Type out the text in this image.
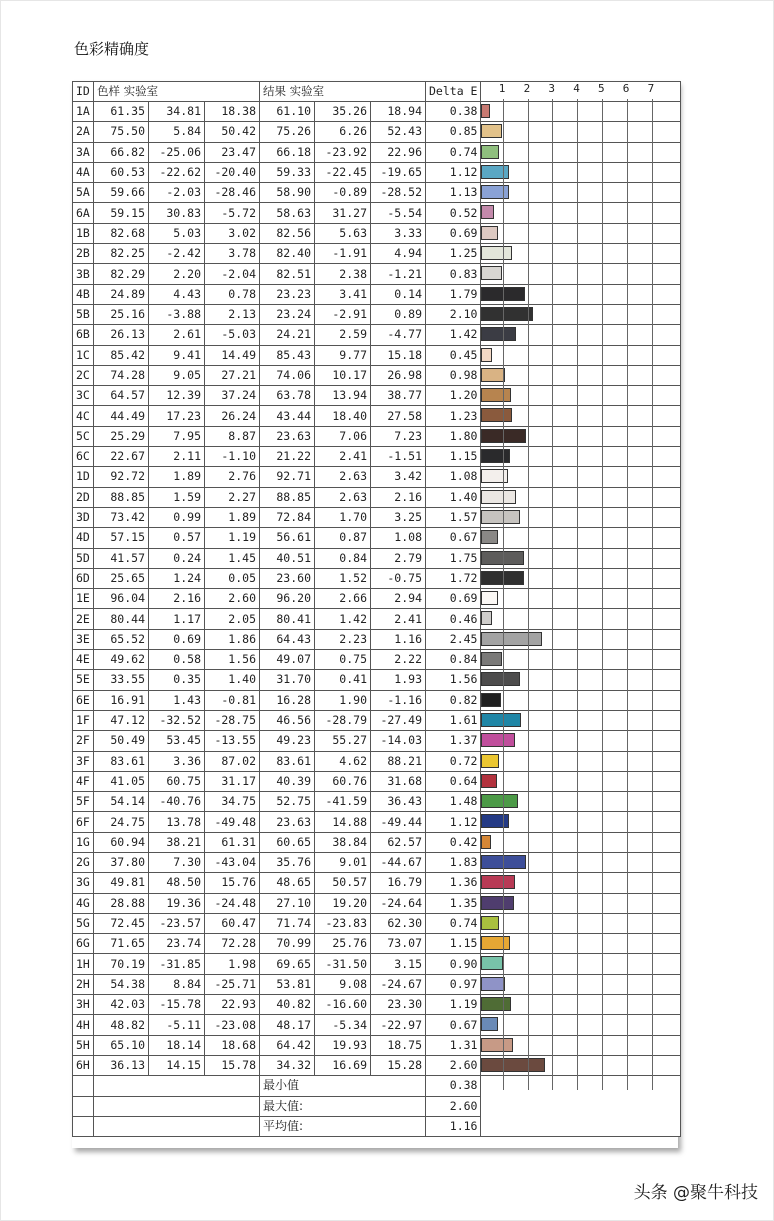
色彩精确度
ID	色样 实验室			结果 实验室			Delta E	
1A	61.35	34.81	18.38	61.10	35.26	18.94	0.38	

2A	75.50	5.84	50.42	75.26	6.26	52.43	0.85	

3A	66.82	-25.06	23.47	66.18	-23.92	22.96	0.74	

4A	60.53	-22.62	-20.40	59.33	-22.45	-19.65	1.12	

5A	59.66	-2.03	-28.46	58.90	-0.89	-28.52	1.13	

6A	59.15	30.83	-5.72	58.63	31.27	-5.54	0.52	

1B	82.68	5.03	3.02	82.56	5.63	3.33	0.69	

2B	82.25	-2.42	3.78	82.40	-1.91	4.94	1.25	

3B	82.29	2.20	-2.04	82.51	2.38	-1.21	0.83	

4B	24.89	4.43	0.78	23.23	3.41	0.14	1.79	

5B	25.16	-3.88	2.13	23.24	-2.91	0.89	2.10	

6B	26.13	2.61	-5.03	24.21	2.59	-4.77	1.42	

1C	85.42	9.41	14.49	85.43	9.77	15.18	0.45	

2C	74.28	9.05	27.21	74.06	10.17	26.98	0.98	

3C	64.57	12.39	37.24	63.78	13.94	38.77	1.20	

4C	44.49	17.23	26.24	43.44	18.40	27.58	1.23	

5C	25.29	7.95	8.87	23.63	7.06	7.23	1.80	

6C	22.67	2.11	-1.10	21.22	2.41	-1.51	1.15	

1D	92.72	1.89	2.76	92.71	2.63	3.42	1.08	

2D	88.85	1.59	2.27	88.85	2.63	2.16	1.40	

3D	73.42	0.99	1.89	72.84	1.70	3.25	1.57	

4D	57.15	0.57	1.19	56.61	0.87	1.08	0.67	

5D	41.57	0.24	1.45	40.51	0.84	2.79	1.75	

6D	25.65	1.24	0.05	23.60	1.52	-0.75	1.72	

1E	96.04	2.16	2.60	96.20	2.66	2.94	0.69	

2E	80.44	1.17	2.05	80.41	1.42	2.41	0.46	

3E	65.52	0.69	1.86	64.43	2.23	1.16	2.45	

4E	49.62	0.58	1.56	49.07	0.75	2.22	0.84	

5E	33.55	0.35	1.40	31.70	0.41	1.93	1.56	

6E	16.91	1.43	-0.81	16.28	1.90	-1.16	0.82	

1F	47.12	-32.52	-28.75	46.56	-28.79	-27.49	1.61	

2F	50.49	53.45	-13.55	49.23	55.27	-14.03	1.37	

3F	83.61	3.36	87.02	83.61	4.62	88.21	0.72	

4F	41.05	60.75	31.17	40.39	60.76	31.68	0.64	

5F	54.14	-40.76	34.75	52.75	-41.59	36.43	1.48	

6F	24.75	13.78	-49.48	23.63	14.88	-49.44	1.12	

1G	60.94	38.21	61.31	60.65	38.84	62.57	0.42	

2G	37.80	7.30	-43.04	35.76	9.01	-44.67	1.83	

3G	49.81	48.50	15.76	48.65	50.57	16.79	1.36	

4G	28.88	19.36	-24.48	27.10	19.20	-24.64	1.35	

5G	72.45	-23.57	60.47	71.74	-23.83	62.30	0.74	

6G	71.65	23.74	72.28	70.99	25.76	73.07	1.15	

1H	70.19	-31.85	1.98	69.65	-31.50	3.15	0.90	

2H	54.38	8.84	-25.71	53.81	9.08	-24.67	0.97	

3H	42.03	-15.78	22.93	40.82	-16.60	23.30	1.19	

4H	48.82	-5.11	-23.08	48.17	-5.34	-22.97	0.67	

5H	65.10	18.14	18.68	64.42	19.93	18.75	1.31	

6H	36.13	14.15	15.78	34.32	16.69	15.28	2.60	

				最小值			0.38	
				最大值:			2.60	
				平均值:			1.16	
头条 @聚牛科技
1 2 3 4 5 6 7
